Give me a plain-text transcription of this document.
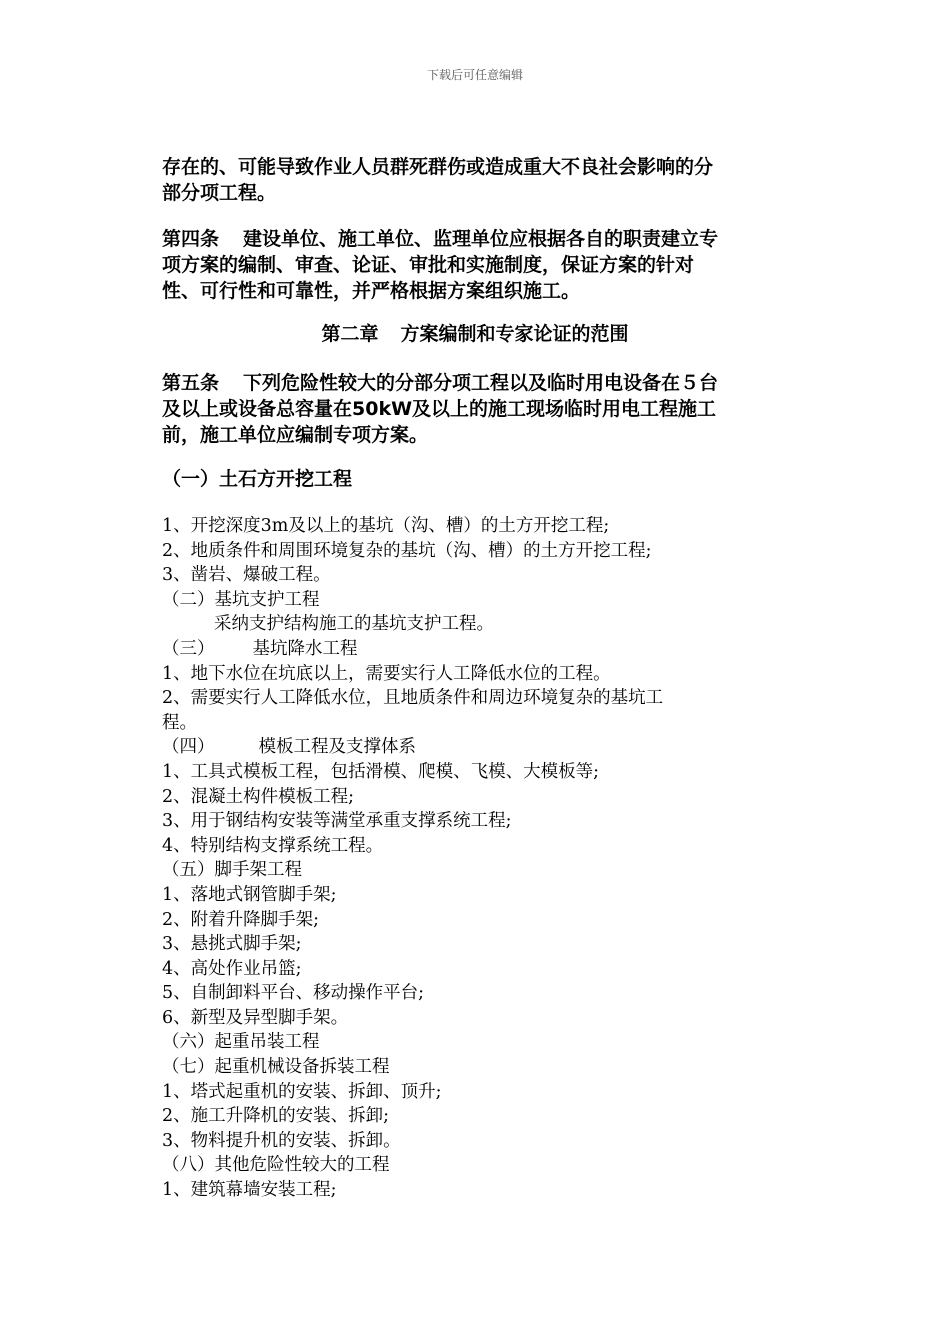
下载后可任意编辑
存在的、可能导致作业人员群死群伤或造成重大不良社会影响的分
部分项工程。
第四条 建设单位、施工单位、监理单位应根据各自的职责建立专
项方案的编制、审查、论证、审批和实施制度，保证方案的针对
性、可行性和可靠性，并严格根据方案组织施工。
第二章 方案编制和专家论证的范围
第五条 下列危险性较大的分部分项工程以及临时用电设备在５台
及以上或设备总容量在50kW及以上的施工现场临时用电工程施工
前，施工单位应编制专项方案。
（一）土石方开挖工程
1、开挖深度3m及以上的基坑（沟、槽）的土方开挖工程;
2、地质条件和周围环境复杂的基坑（沟、槽）的土方开挖工程;
3、凿岩、爆破工程。
（二）基坑支护工程
采纳支护结构施工的基坑支护工程。
（三） 基坑降水工程
1、地下水位在坑底以上，需要实行人工降低水位的工程。
2、需要实行人工降低水位，且地质条件和周边环境复杂的基坑工
程。
（四）	模板工程及支撑体系
1、工具式模板工程，包括滑模、爬模、飞模、大模板等;
2、混凝土构件模板工程;
3、用于钢结构安装等满堂承重支撑系统工程;
4、特别结构支撑系统工程。
（五）脚手架工程
1、落地式钢管脚手架;
2、附着升降脚手架;
3、悬挑式脚手架;
4、高处作业吊篮;
5、自制卸料平台、移动操作平台;
6、新型及异型脚手架。
（六）起重吊装工程
（七）起重机械设备拆装工程
1、塔式起重机的安装、拆卸、顶升;
2、施工升降机的安装、拆卸;
3、物料提升机的安装、拆卸。
（八）其他危险性较大的工程
1、建筑幕墙安装工程;
